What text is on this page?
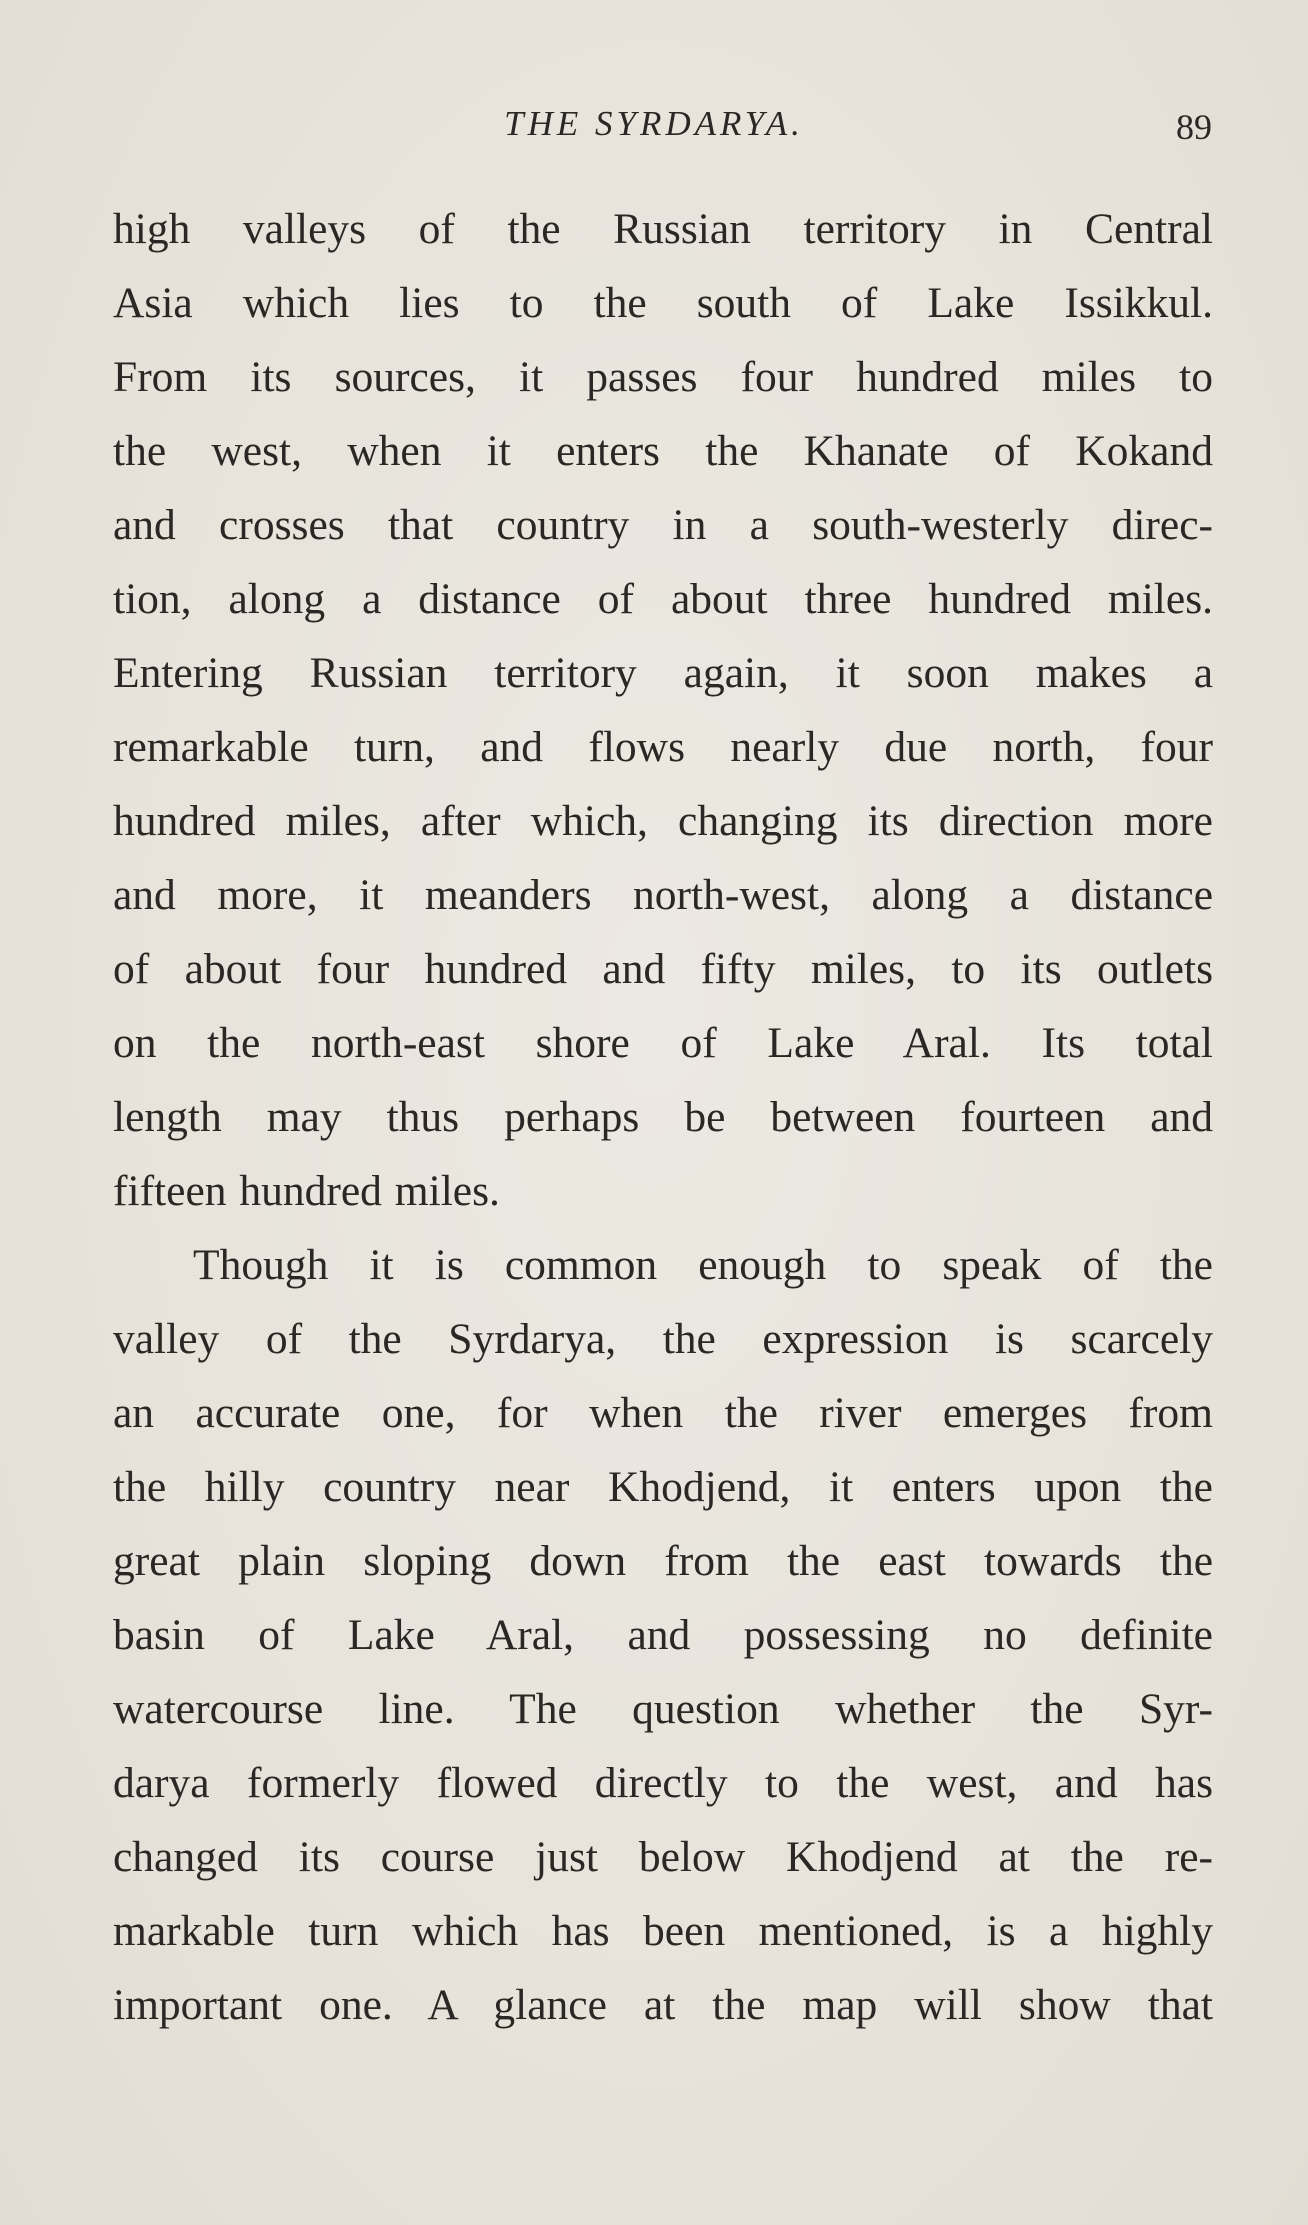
THE SYRDARYA.	89

high valleys of the Russian territory in Central
Asia which lies to the south of Lake Issikkul.
From its sources, it passes four hundred miles to
the west, when it enters the Khanate of Kokand
and crosses that country in a south-westerly direc-
tion, along a distance of about three hundred miles.
Entering Russian territory again, it soon makes a
remarkable turn, and flows nearly due north, four
hundred miles, after which, changing its direction more
and more, it meanders north-west, along a distance
of about four hundred and fifty miles, to its outlets
on the north-east shore of Lake Aral. Its total
length may thus perhaps be between fourteen and
fifteen hundred miles.

Though it is common enough to speak of the
valley of the Syrdarya, the expression is scarcely
an accurate one, for when the river emerges from
the hilly country near Khodjend, it enters upon the
great plain sloping down from the east towards the
basin of Lake Aral, and possessing no definite
watercourse line. The question whether the Syr-
darya formerly flowed directly to the west, and has
changed its course just below Khodjend at the re-
markable turn which has been mentioned, is a highly
important one. A glance at the map will show that
